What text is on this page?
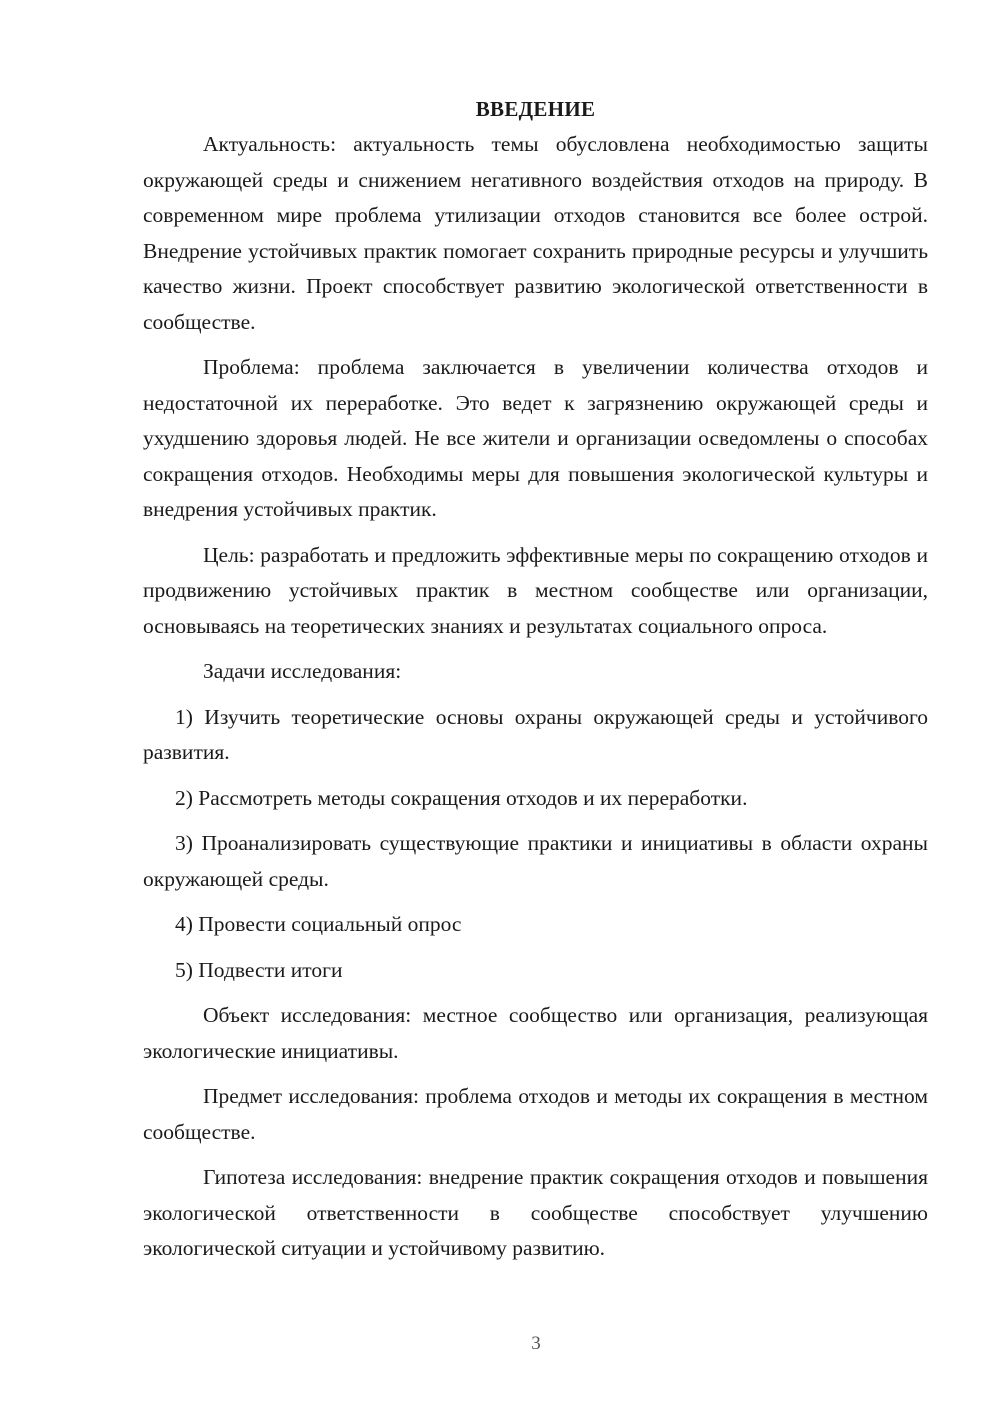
ВВЕДЕНИЕ

Актуальность: актуальность темы обусловлена необходимостью защиты окружающей среды и снижением негативного воздействия отходов на природу. В современном мире проблема утилизации отходов становится все более острой. Внедрение устойчивых практик помогает сохранить природные ресурсы и улучшить качество жизни. Проект способствует развитию экологической ответственности в сообществе.

Проблема: проблема заключается в увеличении количества отходов и недостаточной их переработке. Это ведет к загрязнению окружающей среды и ухудшению здоровья людей. Не все жители и организации осведомлены о способах сокращения отходов. Необходимы меры для повышения экологической культуры и внедрения устойчивых практик.

Цель: разработать и предложить эффективные меры по сокращению отходов и продвижению устойчивых практик в местном сообществе или организации, основываясь на теоретических знаниях и результатах социального опроса.

Задачи исследования:

1) Изучить теоретические основы охраны окружающей среды и устойчивого развития.

2) Рассмотреть методы сокращения отходов и их переработки.

3) Проанализировать существующие практики и инициативы в области охраны окружающей среды.

4) Провести социальный опрос

5) Подвести итоги

Объект исследования: местное сообщество или организация, реализующая экологические инициативы.

Предмет исследования: проблема отходов и методы их сокращения в местном сообществе.

Гипотеза исследования: внедрение практик сокращения отходов и повышения экологической ответственности в сообществе способствует улучшению экологической ситуации и устойчивому развитию.

3
